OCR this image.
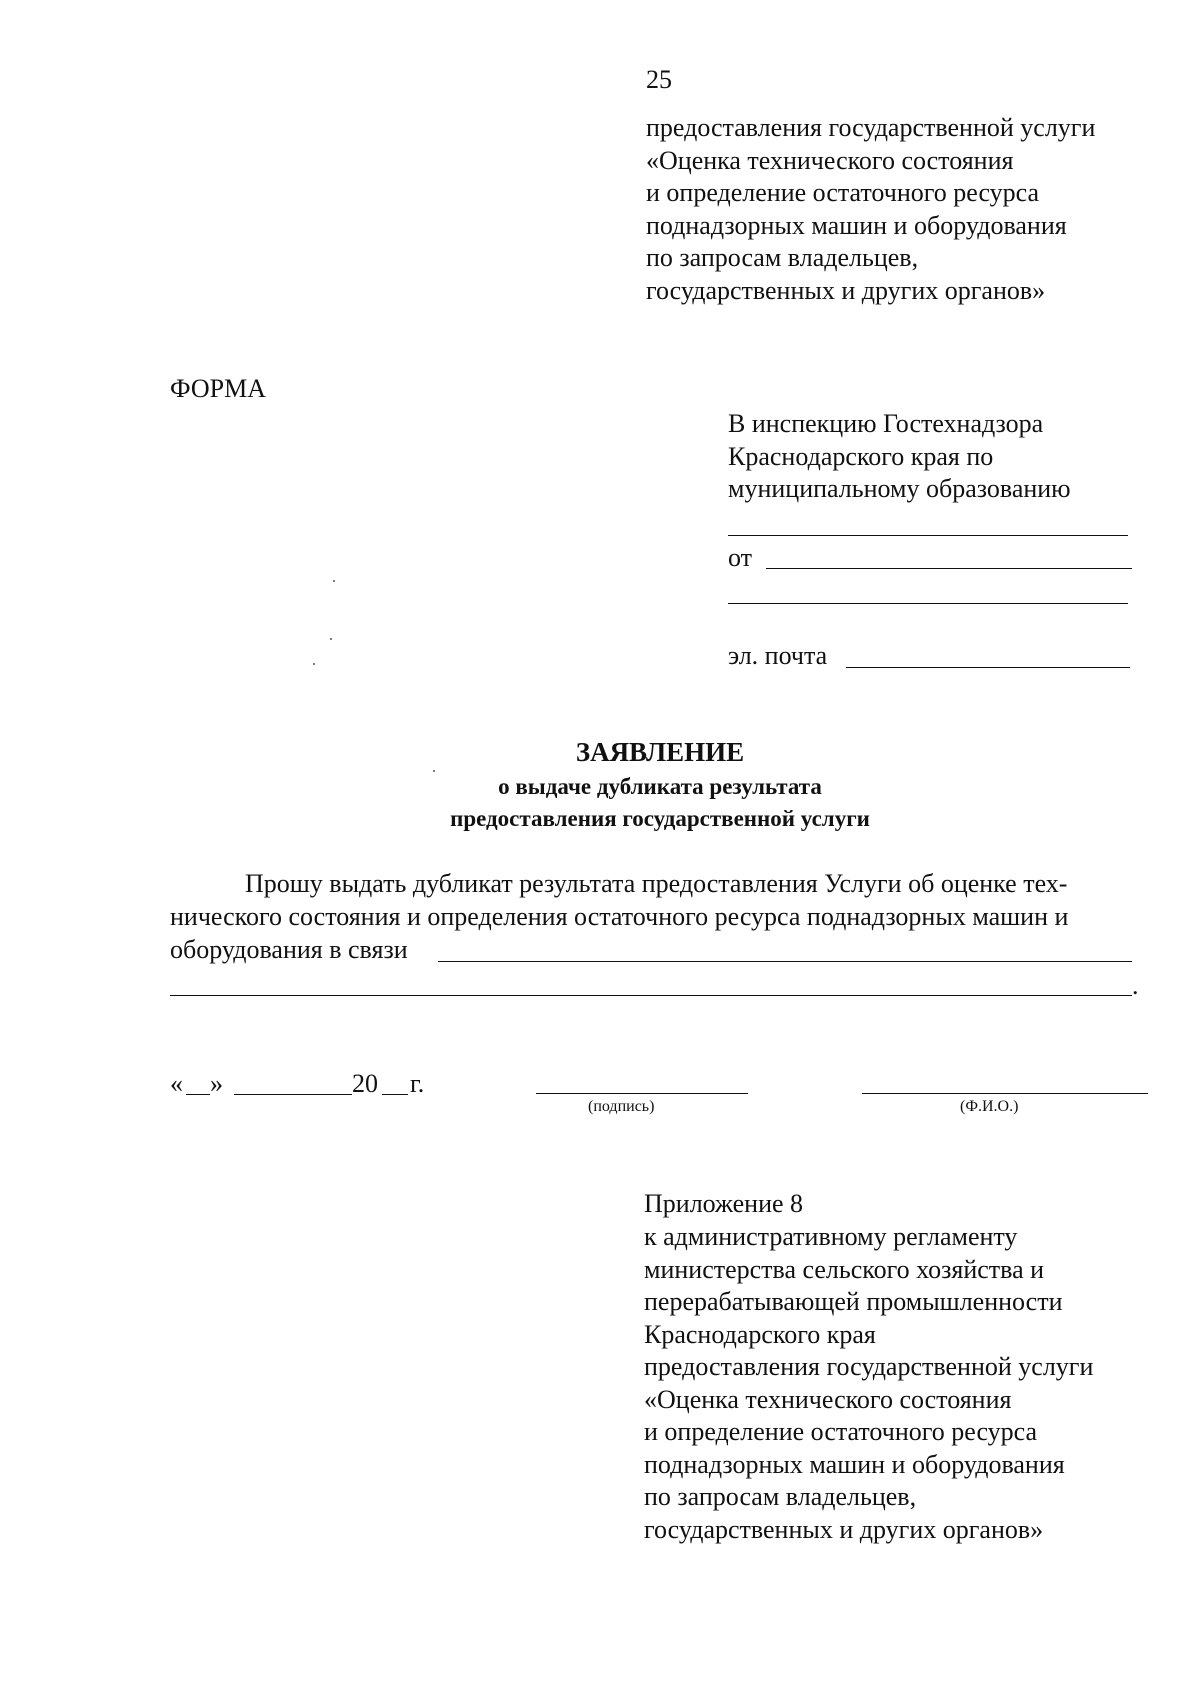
25
предоставления государственной услуги
«Оценка технического состояния
и определение остаточного ресурса
поднадзорных машин и оборудования
по запросам владельцев,
государственных и других органов»
ФОРМА
В инспекцию Гостехнадзора
Краснодарского края по
муниципальному образованию
от
эл. почта
ЗАЯВЛЕНИЕ
о выдаче дубликата результата
предоставления государственной услуги
Прошу выдать дубликат результата предоставления Услуги об оценке тех-
нического состояния и определения остаточного ресурса поднадзорных машин и
оборудования в связи
.
« »	20 г.
(подпись)	(Ф.И.О.)
Приложение 8
к административному регламенту
министерства сельского хозяйства и
перерабатывающей промышленности
Краснодарского края
предоставления государственной услуги
«Оценка технического состояния
и определение остаточного ресурса
поднадзорных машин и оборудования
по запросам владельцев,
государственных и других органов»
